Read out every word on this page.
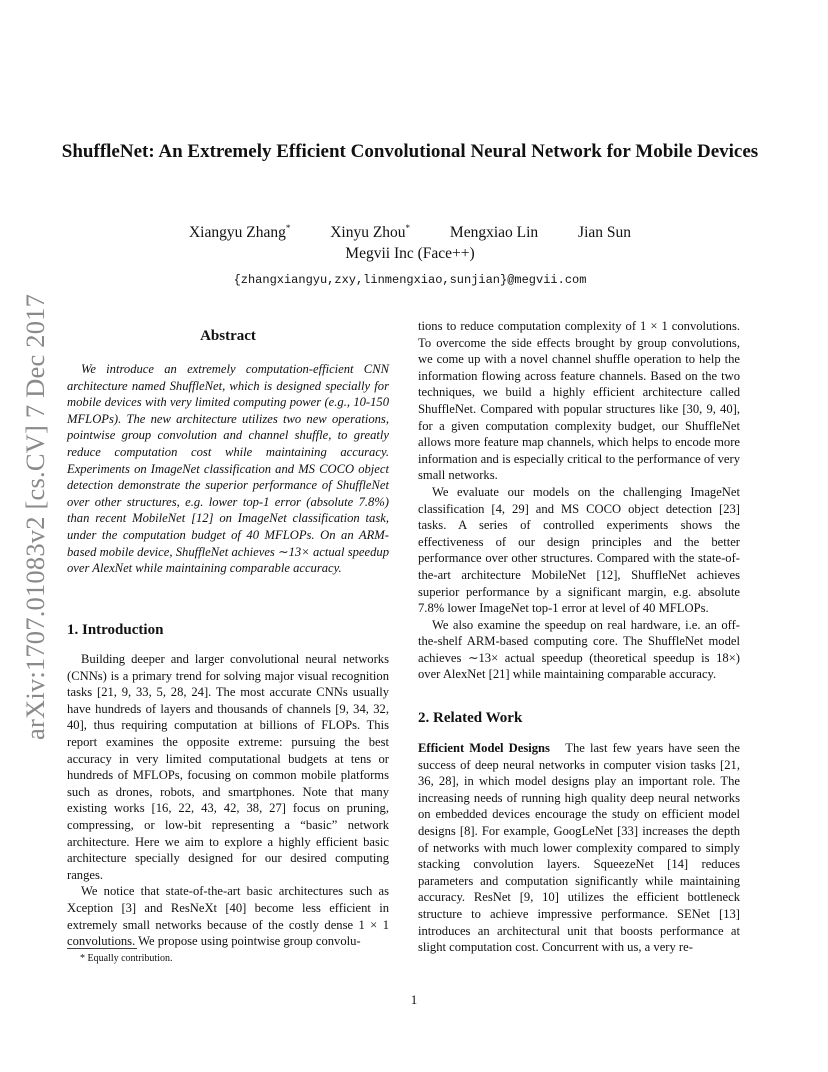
arXiv:1707.01083v2 [cs.CV] 7 Dec 2017
ShuffleNet: An Extremely Efficient Convolutional Neural Network for Mobile Devices
Xiangyu Zhang*	Xinyu Zhou*	Mengxiao Lin	Jian Sun
Megvii Inc (Face++)
{zhangxiangyu,zxy,linmengxiao,sunjian}@megvii.com
Abstract

We introduce an extremely computation-efficient CNN architecture named ShuffleNet, which is designed specially for mobile devices with very limited computing power (e.g., 10-150 MFLOPs). The new architecture utilizes two new operations, pointwise group convolution and channel shuffle, to greatly reduce computation cost while maintaining accuracy. Experiments on ImageNet classification and MS COCO object detection demonstrate the superior performance of ShuffleNet over other structures, e.g. lower top-1 error (absolute 7.8%) than recent MobileNet [12] on ImageNet classification task, under the computation budget of 40 MFLOPs. On an ARM-based mobile device, ShuffleNet achieves ∼13× actual speedup over AlexNet while maintaining comparable accuracy.

1. Introduction

Building deeper and larger convolutional neural networks (CNNs) is a primary trend for solving major visual recognition tasks [21, 9, 33, 5, 28, 24]. The most accurate CNNs usually have hundreds of layers and thousands of channels [9, 34, 32, 40], thus requiring computation at billions of FLOPs. This report examines the opposite extreme: pursuing the best accuracy in very limited computational budgets at tens or hundreds of MFLOPs, focusing on common mobile platforms such as drones, robots, and smartphones. Note that many existing works [16, 22, 43, 42, 38, 27] focus on pruning, compressing, or low-bit representing a “basic” network architecture. Here we aim to explore a highly efficient basic architecture specially designed for our desired computing ranges.

We notice that state-of-the-art basic architectures such as Xception [3] and ResNeXt [40] become less efficient in extremely small networks because of the costly dense 1 × 1 convolutions. We propose using pointwise group convolu-

* Equally contribution.

tions to reduce computation complexity of 1 × 1 convolutions. To overcome the side effects brought by group convolutions, we come up with a novel channel shuffle operation to help the information flowing across feature channels. Based on the two techniques, we build a highly efficient architecture called ShuffleNet. Compared with popular structures like [30, 9, 40], for a given computation complexity budget, our ShuffleNet allows more feature map channels, which helps to encode more information and is especially critical to the performance of very small networks.

We evaluate our models on the challenging ImageNet classification [4, 29] and MS COCO object detection [23] tasks. A series of controlled experiments shows the effectiveness of our design principles and the better performance over other structures. Compared with the state-of-the-art architecture MobileNet [12], ShuffleNet achieves superior performance by a significant margin, e.g. absolute 7.8% lower ImageNet top-1 error at level of 40 MFLOPs.

We also examine the speedup on real hardware, i.e. an off-the-shelf ARM-based computing core. The ShuffleNet model achieves ∼13× actual speedup (theoretical speedup is 18×) over AlexNet [21] while maintaining comparable accuracy.

2. Related Work

Efficient Model Designs The last few years have seen the success of deep neural networks in computer vision tasks [21, 36, 28], in which model designs play an important role. The increasing needs of running high quality deep neural networks on embedded devices encourage the study on efficient model designs [8]. For example, GoogLeNet [33] increases the depth of networks with much lower complexity compared to simply stacking convolution layers. SqueezeNet [14] reduces parameters and computation significantly while maintaining accuracy. ResNet [9, 10] utilizes the efficient bottleneck structure to achieve impressive performance. SENet [13] introduces an architectural unit that boosts performance at slight computation cost. Concurrent with us, a very re-

1
